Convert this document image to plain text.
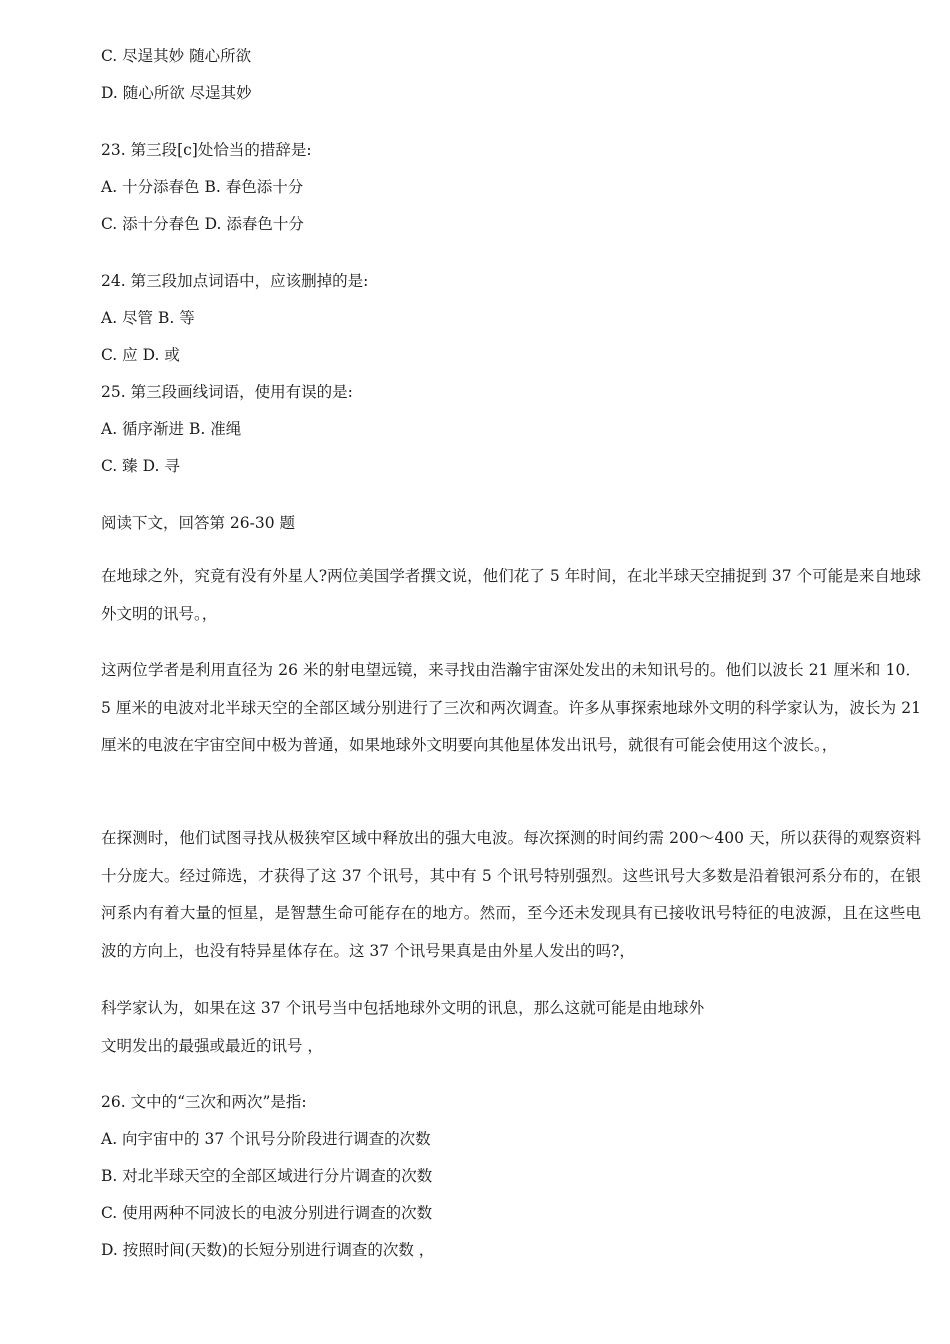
C. 尽逞其妙 随心所欲
D. 随心所欲 尽逞其妙
23. 第三段[c]处恰当的措辞是:
A. 十分添春色 B. 春色添十分
C. 添十分春色 D. 添春色十分
24. 第三段加点词语中，应该删掉的是:
A. 尽管 B. 等
C. 应 D. 或
25. 第三段画线词语，使用有误的是:
A. 循序渐进 B. 准绳
C. 臻 D. 寻
阅读下文，回答第 26-30 题
在地球之外，究竟有没有外星人?两位美国学者撰文说，他们花了 5 年时间，在北半球天空捕捉到 37 个可能是来自地球外文明的讯号。，
这两位学者是利用直径为 26 米的射电望远镜，来寻找由浩瀚宇宙深处发出的未知讯号的。他们以波长 21 厘米和 10．5 厘米的电波对北半球天空的全部区域分别进行了三次和两次调查。许多从事探索地球外文明的科学家认为，波长为 21 厘米的电波在宇宙空间中极为普通，如果地球外文明要向其他星体发出讯号，就很有可能会使用这个波长。，
在探测时，他们试图寻找从极狭窄区域中释放出的强大电波。每次探测的时间约需 200～400 天，所以获得的观察资料十分庞大。经过筛选，才获得了这 37 个讯号，其中有 5 个讯号特别强烈。这些讯号大多数是沿着银河系分布的，在银河系内有着大量的恒星，是智慧生命可能存在的地方。然而，至今还未发现具有已接收讯号特征的电波源，且在这些电波的方向上，也没有特异星体存在。这 37 个讯号果真是由外星人发出的吗?，
科学家认为，如果在这 37 个讯号当中包括地球外文明的讯息，那么这就可能是由地球外
文明发出的最强或最近的讯号 ，
26. 文中的“三次和两次”是指:
A. 向宇宙中的 37 个讯号分阶段进行调查的次数
B. 对北半球天空的全部区域进行分片调查的次数
C. 使用两种不同波长的电波分别进行调查的次数
D. 按照时间(天数)的长短分别进行调查的次数 ，
